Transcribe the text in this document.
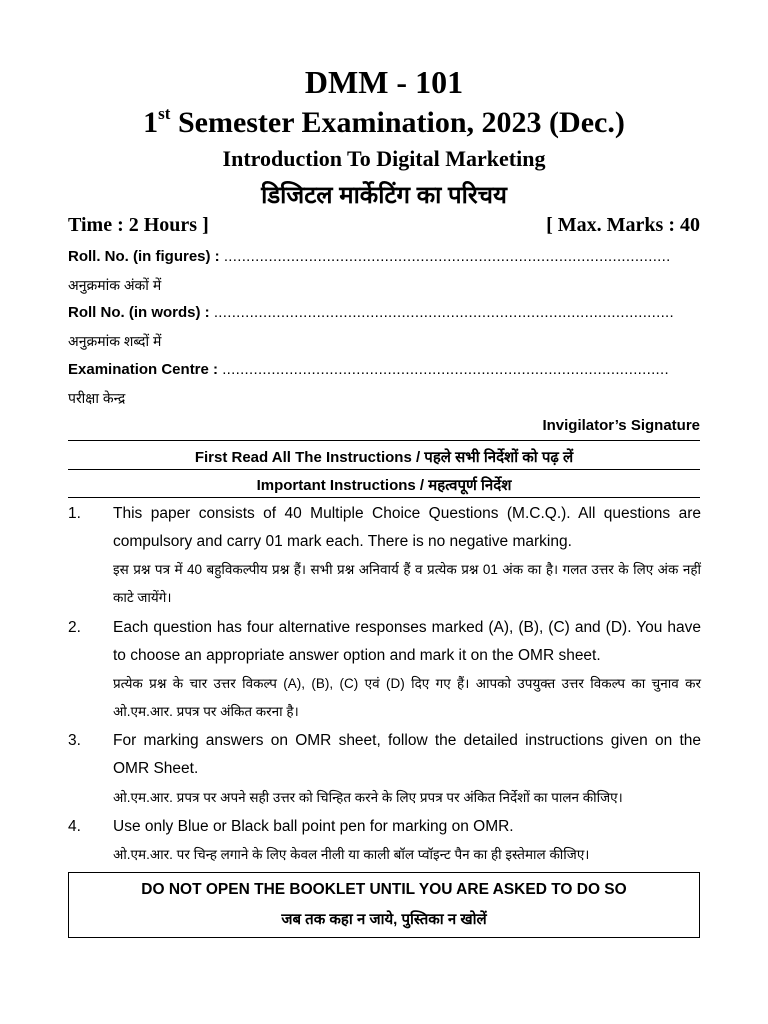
DMM - 101
1st Semester Examination, 2023 (Dec.)
Introduction To Digital Marketing
डिजिटल मार्केटिंग का परिचय
Time : 2 Hours ]	[ Max. Marks : 40
Roll. No. (in figures) : ....................................................................................................
अनुक्रमांक अंकों में
Roll No. (in words) : .......................................................................................................
अनुक्रमांक शब्दों में
Examination Centre : ....................................................................................................
परीक्षा केन्द्र
Invigilator’s Signature
First Read All The Instructions / पहले सभी निर्देशों को पढ़ लें
Important Instructions / महत्वपूर्ण निर्देश
1. This paper consists of 40 Multiple Choice Questions (M.C.Q.). All questions are compulsory and carry 01 mark each. There is no negative marking.
इस प्रश्न पत्र में 40 बहुविकल्पीय प्रश्न हैं। सभी प्रश्न अनिवार्य हैं व प्रत्येक प्रश्न 01 अंक का है। गलत उत्तर के लिए अंक नहीं काटे जायेंगे।
2. Each question has four alternative responses marked (A), (B), (C) and (D). You have to choose an appropriate answer option and mark it on the OMR sheet.
प्रत्येक प्रश्न के चार उत्तर विकल्प (A), (B), (C) एवं (D) दिए गए हैं। आपको उपयुक्त उत्तर विकल्प का चुनाव कर ओ.एम.आर. प्रपत्र पर अंकित करना है।
3. For marking answers on OMR sheet, follow the detailed instructions given on the OMR Sheet.
ओ.एम.आर. प्रपत्र पर अपने सही उत्तर को चिन्हित करने के लिए प्रपत्र पर अंकित निर्देशों का पालन कीजिए।
4. Use only Blue or Black ball point pen for marking on OMR.
ओ.एम.आर. पर चिन्ह लगाने के लिए केवल नीली या काली बॉल प्वॉइन्ट पैन का ही इस्तेमाल कीजिए।
DO NOT OPEN THE BOOKLET UNTIL YOU ARE ASKED TO DO SO
जब तक कहा न जाये, पुस्तिका न खोलें
